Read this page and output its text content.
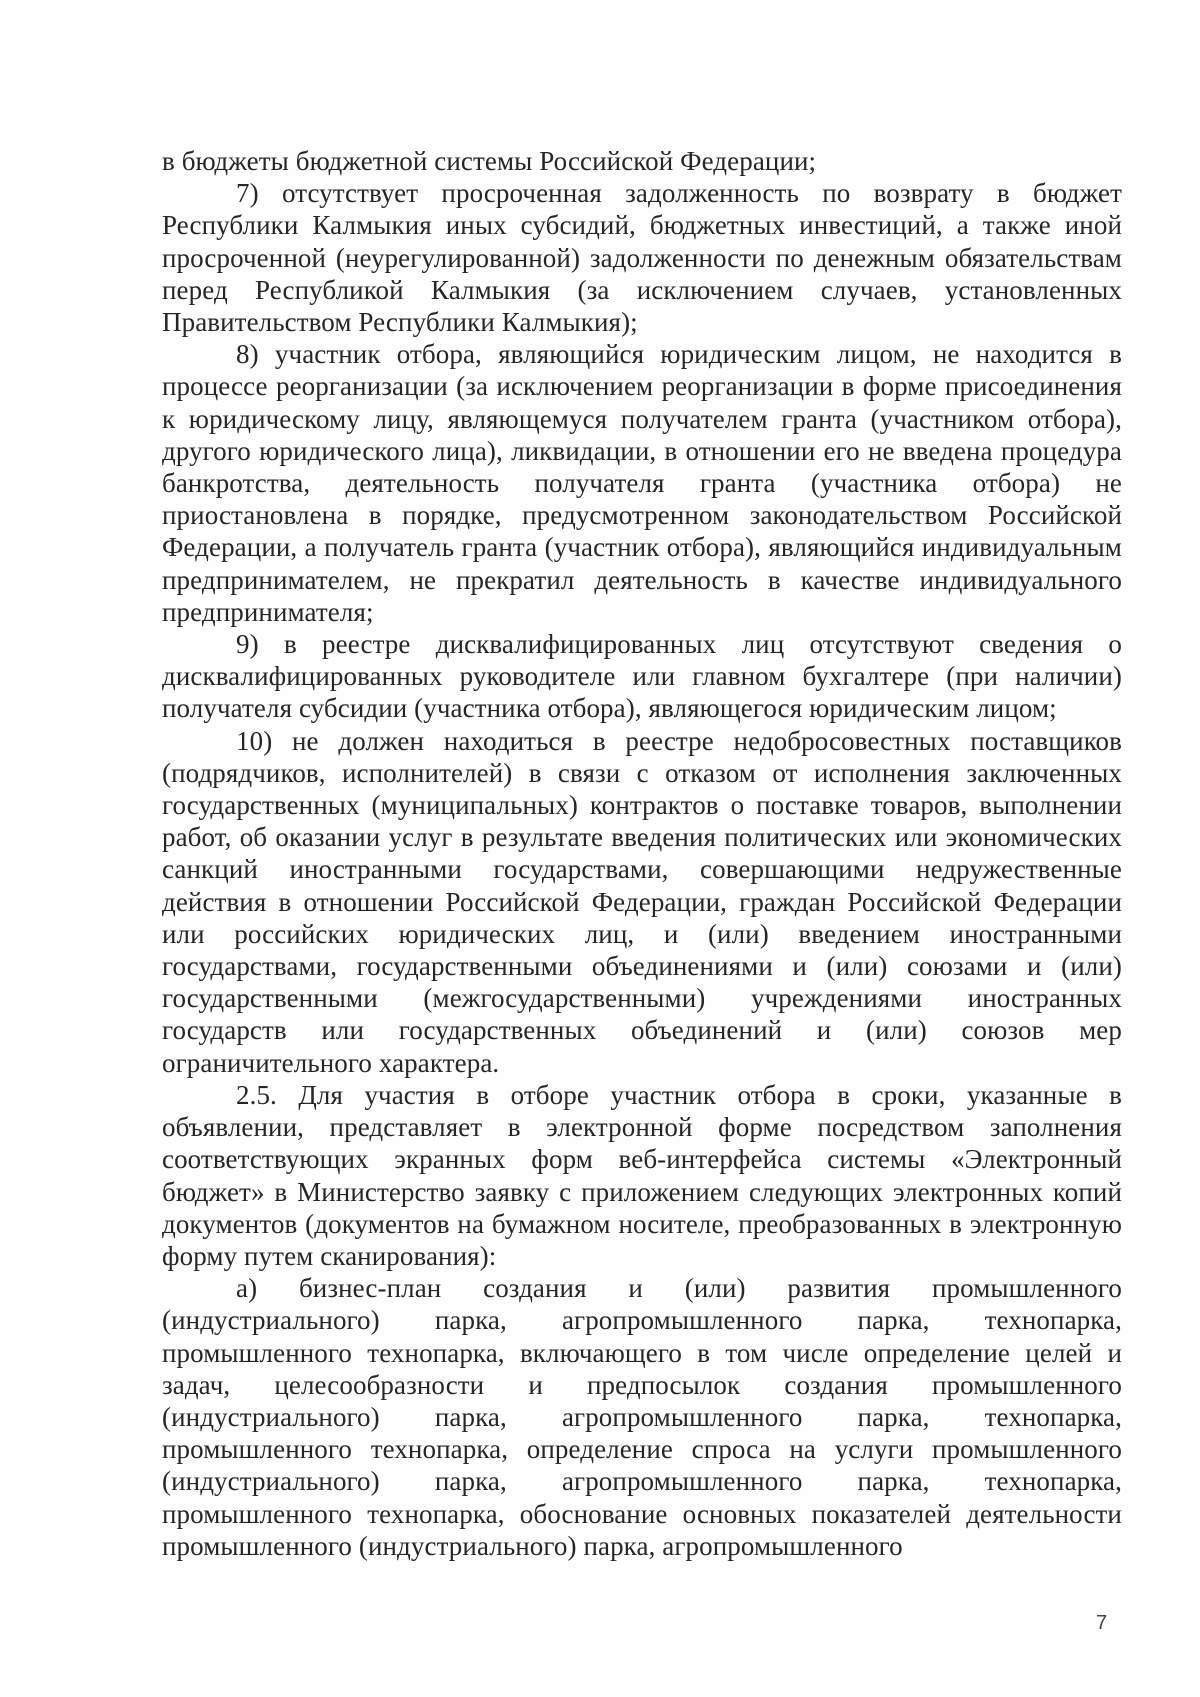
в бюджеты бюджетной системы Российской Федерации;

7) отсутствует просроченная задолженность по возврату в бюджет Республики Калмыкия иных субсидий, бюджетных инвестиций, а также иной просроченной (неурегулированной) задолженности по денежным обязательствам перед Республикой Калмыкия (за исключением случаев, установленных Правительством Республики Калмыкия);

8) участник отбора, являющийся юридическим лицом, не находится в процессе реорганизации (за исключением реорганизации в форме присоединения к юридическому лицу, являющемуся получателем гранта (участником отбора), другого юридического лица), ликвидации, в отношении его не введена процедура банкротства, деятельность получателя гранта (участника отбора) не приостановлена в порядке, предусмотренном законодательством Российской Федерации, а получатель гранта (участник отбора), являющийся индивидуальным предпринимателем, не прекратил деятельность в качестве индивидуального предпринимателя;

9) в реестре дисквалифицированных лиц отсутствуют сведения о дисквалифицированных руководителе или главном бухгалтере (при наличии) получателя субсидии (участника отбора), являющегося юридическим лицом;

10) не должен находиться в реестре недобросовестных поставщиков (подрядчиков, исполнителей) в связи с отказом от исполнения заключенных государственных (муниципальных) контрактов о поставке товаров, выполнении работ, об оказании услуг в результате введения политических или экономических санкций иностранными государствами, совершающими недружественные действия в отношении Российской Федерации, граждан Российской Федерации или российских юридических лиц, и (или) введением иностранными государствами, государственными объединениями и (или) союзами и (или) государственными (межгосударственными) учреждениями иностранных государств или государственных объединений и (или) союзов мер ограничительного характера.

2.5. Для участия в отборе участник отбора в сроки, указанные в объявлении, представляет в электронной форме посредством заполнения соответствующих экранных форм веб-интерфейса системы «Электронный бюджет» в Министерство заявку с приложением следующих электронных копий документов (документов на бумажном носителе, преобразованных в электронную форму путем сканирования):

а) бизнес-план создания и (или) развития промышленного (индустриального) парка, агропромышленного парка, технопарка, промышленного технопарка, включающего в том числе определение целей и задач, целесообразности и предпосылок создания промышленного (индустриального) парка, агропромышленного парка, технопарка, промышленного технопарка, определение спроса на услуги промышленного (индустриального) парка, агропромышленного парка, технопарка, промышленного технопарка, обоснование основных показателей деятельности промышленного (индустриального) парка, агропромышленного

7
